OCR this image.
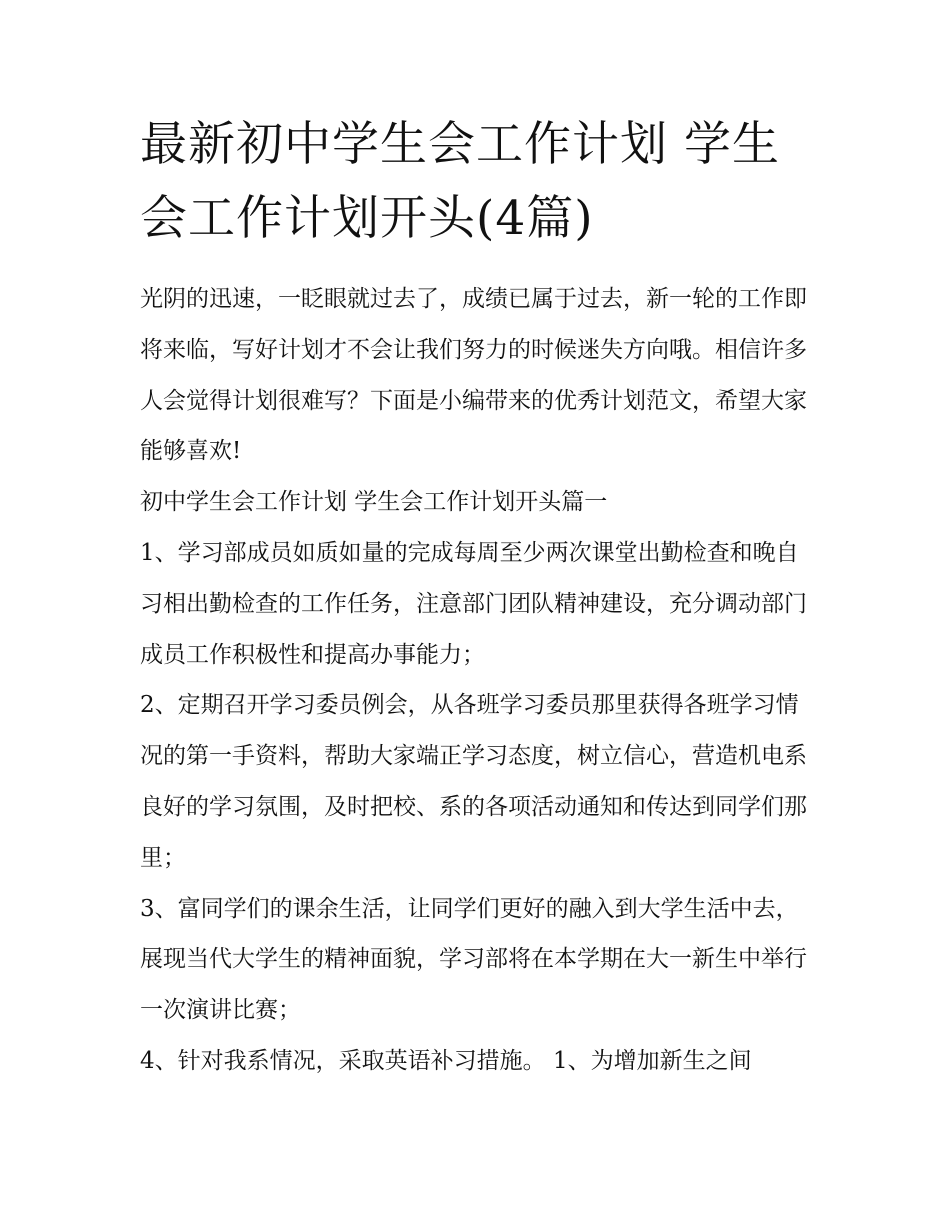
最新初中学生会工作计划 学生会工作计划开头(4篇)

光阴的迅速，一眨眼就过去了，成绩已属于过去，新一轮的工作即将来临，写好计划才不会让我们努力的时候迷失方向哦。相信许多人会觉得计划很难写？下面是小编带来的优秀计划范文，希望大家能够喜欢!

初中学生会工作计划 学生会工作计划开头篇一

1、学习部成员如质如量的完成每周至少两次课堂出勤检查和晚自习相出勤检查的工作任务，注意部门团队精神建设，充分调动部门成员工作积极性和提高办事能力；

2、定期召开学习委员例会，从各班学习委员那里获得各班学习情况的第一手资料，帮助大家端正学习态度，树立信心，营造机电系良好的学习氛围，及时把校、系的各项活动通知和传达到同学们那里；

3、富同学们的课余生活，让同学们更好的融入到大学生活中去，展现当代大学生的精神面貌，学习部将在本学期在大一新生中举行一次演讲比赛；

4、针对我系情况，采取英语补习措施。 1、为增加新生之间
